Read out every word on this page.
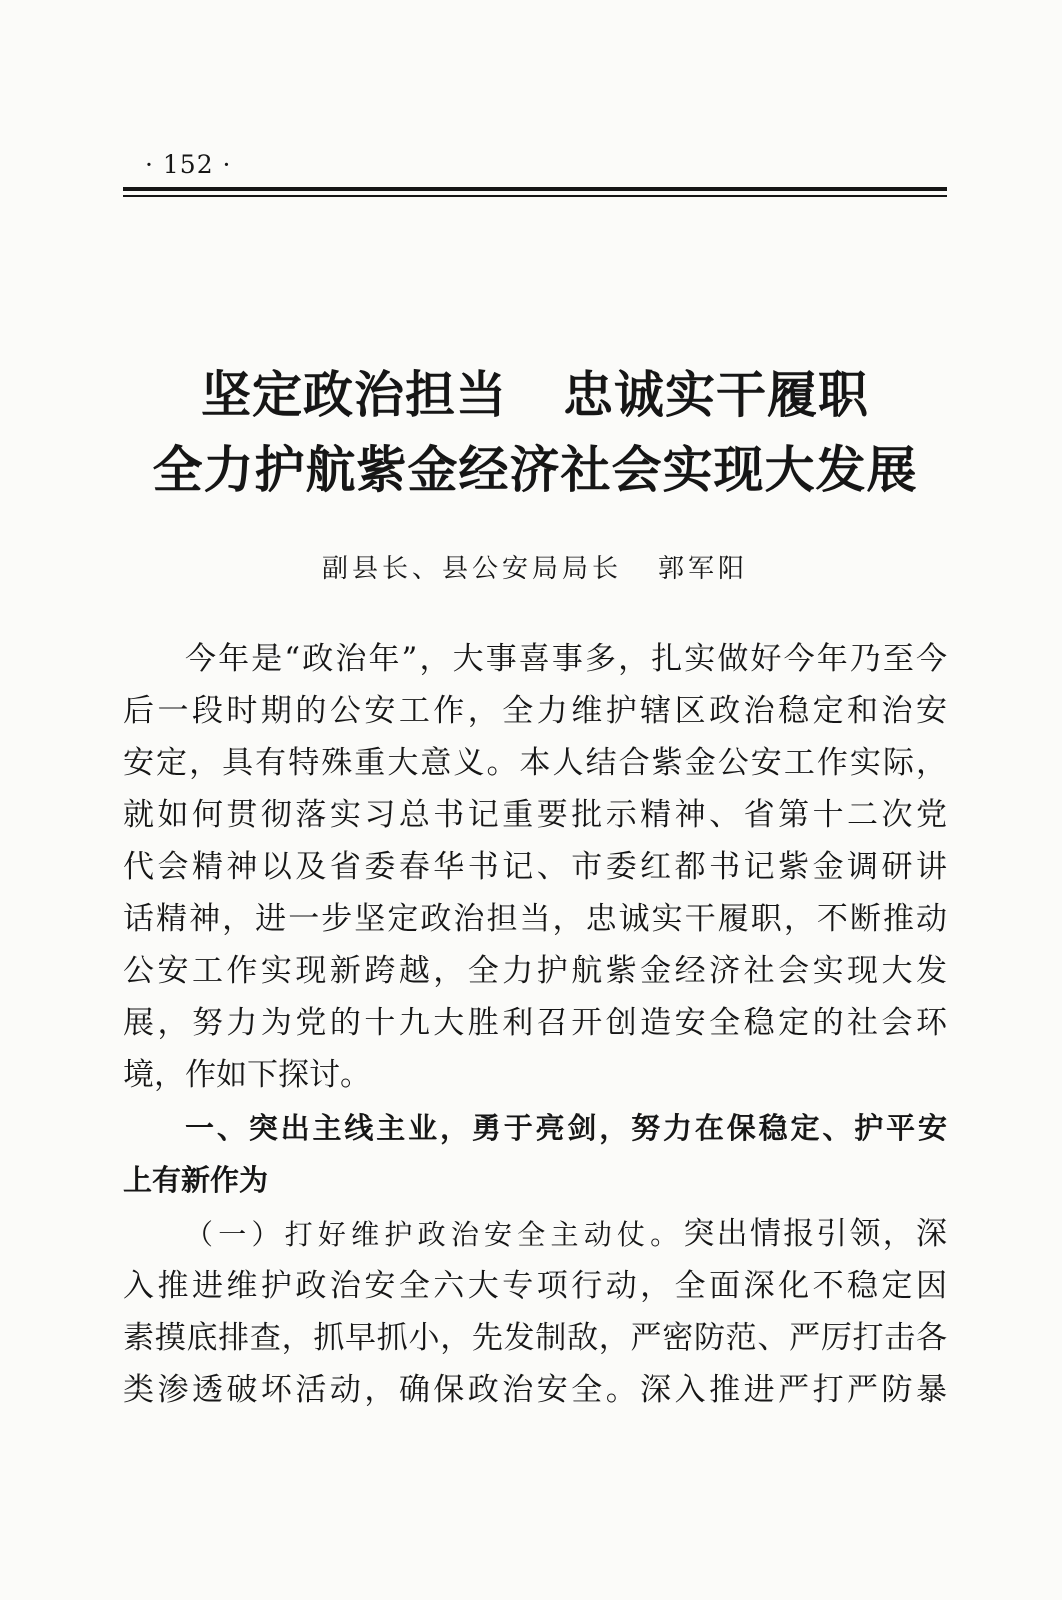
· 152 ·
坚定政治担当 忠诚实干履职
全力护航紫金经济社会实现大发展
副县长、县公安局局长 郭军阳
今年是“政治年”，大事喜事多，扎实做好今年乃至今
后一段时期的公安工作，全力维护辖区政治稳定和治安
安定，具有特殊重大意义。本人结合紫金公安工作实际，
就如何贯彻落实习总书记重要批示精神、省第十二次党
代会精神以及省委春华书记、市委红都书记紫金调研讲
话精神，进一步坚定政治担当，忠诚实干履职，不断推动
公安工作实现新跨越，全力护航紫金经济社会实现大发
展，努力为党的十九大胜利召开创造安全稳定的社会环
境，作如下探讨。
一、突出主线主业，勇于亮剑，努力在保稳定、护平安
上有新作为
（一）打好维护政治安全主动仗。突出情报引领，深
入推进维护政治安全六大专项行动，全面深化不稳定因
素摸底排查，抓早抓小，先发制敌，严密防范、严厉打击各
类渗透破坏活动，确保政治安全。深入推进严打严防暴
